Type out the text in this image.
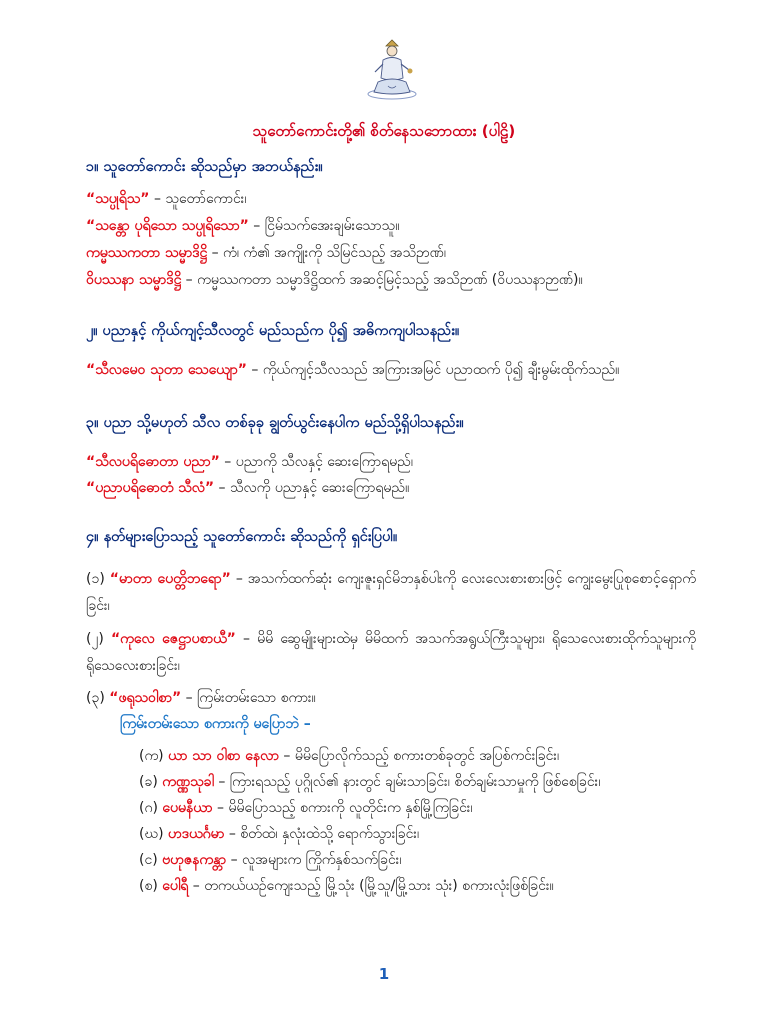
သူတော်ကောင်းတို့၏ စိတ်နေသဘောထား (ပါဠိ)
၁။ သူတော်ကောင်း ဆိုသည်မှာ အဘယ်နည်း။
“သပ္ပုရိသ” – သူတော်ကောင်း၊
“သန္တော ပုရိသော သပ္ပုရိသော” – ငြိမ်သက်အေးချမ်းသောသူ။
ကမ္မဿကတာ သမ္မာဒိဋ္ဌိ – ကံ၊ ကံ၏ အကျိုးကို သိမြင်သည့် အသိဉာဏ်၊
ဝိပဿနာ သမ္မာဒိဋ္ဌိ – ကမ္မဿကတာ သမ္မာဒိဋ္ဌိထက် အဆင့်မြင့်သည့် အသိဉာဏ် (ဝိပဿနာဉာဏ်)။
၂။ ပညာနှင့် ကိုယ်ကျင့်သီလတွင် မည်သည်က ပို၍ အဓိကကျပါသနည်း။
“သီလမေဝ သုတာ သေယျော” – ကိုယ်ကျင့်သီလသည် အကြားအမြင် ပညာထက် ပို၍ ချီးမွမ်းထိုက်သည်။
၃။ ပညာ သို့မဟုတ် သီလ တစ်ခုခု ချွတ်ယွင်းနေပါက မည်သို့ရှိပါသနည်း။
“သီလပရိဓောတာ ပညာ” – ပညာကို သီလနှင့် ဆေးကြောရမည်၊
“ပညာပရိဓောတံ သီလံ” – သီလကို ပညာနှင့် ဆေးကြောရမည်။
၄။ နတ်များပြောသည့် သူတော်ကောင်း ဆိုသည်ကို ရှင်းပြပါ။
(၁) “မာတာ ပေတ္တိဘရော” – အသက်ထက်ဆုံး ကျေးဇူးရှင်မိဘနှစ်ပါးကို လေးလေးစားစားဖြင့် ကျွေးမွေးပြုစုစောင့်ရှောက်ခြင်း၊
(၂) “ကုလေ ဇေဋ္ဌာပစာယီ” – မိမိ ဆွေမျိုးများထဲမှ မိမိထက် အသက်အရွယ်ကြီးသူများ၊ ရိုသေလေးစားထိုက်သူများကို ရိုသေလေးစားခြင်း၊
(၃) “ဖရုသဝါစာ” – ကြမ်းတမ်းသော စကား။
ကြမ်းတမ်းသော စကားကို မပြောဘဲ –
(က) ယာ သာ ဝါစာ နေလာ – မိမိပြောလိုက်သည့် စကားတစ်ခုတွင် အပြစ်ကင်းခြင်း၊
(ခ) ကဏ္ဏသုခါ – ကြားရသည့် ပုဂ္ဂိုလ်၏ နားတွင် ချမ်းသာခြင်း၊ စိတ်ချမ်းသာမှုကို ဖြစ်စေခြင်း၊
(ဂ) ပေမနီယာ – မိမိပြောသည့် စကားကို လူတိုင်းက နှစ်မြို့ကြခြင်း၊
(ဃ) ဟဒယင်္ဂမာ – စိတ်ထဲ၊ နှလုံးထဲသို့ ရောက်သွားခြင်း၊
(င) ဗဟုဇနကန္တာ – လူအများက ကြိုက်နှစ်သက်ခြင်း၊
(စ) ပေါရီ – တကယ်ယဉ်ကျေးသည့် မြို့သုံး (မြို့သူ/မြို့သား သုံး) စကားလုံးဖြစ်ခြင်း။
1
